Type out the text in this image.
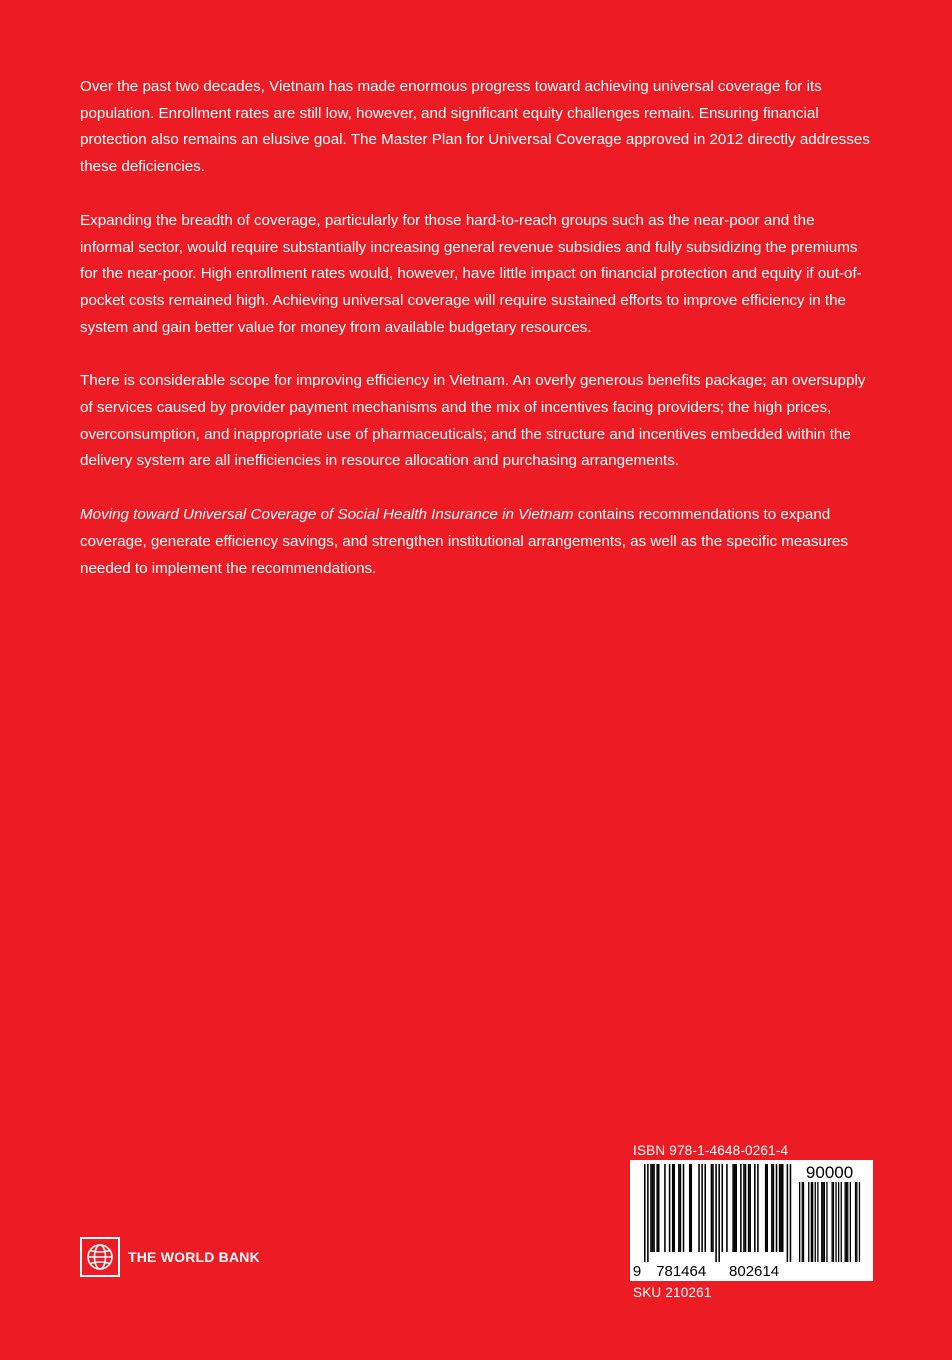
Over the past two decades, Vietnam has made enormous progress toward achieving universal coverage for its population. Enrollment rates are still low, however, and significant equity challenges remain. Ensuring financial protection also remains an elusive goal. The Master Plan for Universal Coverage approved in 2012 directly addresses these deficiencies.

Expanding the breadth of coverage, particularly for those hard-to-reach groups such as the near-poor and the informal sector, would require substantially increasing general revenue subsidies and fully subsidizing the premiums for the near-poor. High enrollment rates would, however, have little impact on financial protection and equity if out-of-pocket costs remained high. Achieving universal coverage will require sustained efforts to improve efficiency in the system and gain better value for money from available budgetary resources.

There is considerable scope for improving efficiency in Vietnam. An overly generous benefits package; an oversupply of services caused by provider payment mechanisms and the mix of incentives facing providers; the high prices, overconsumption, and inappropriate use of pharmaceuticals; and the structure and incentives embedded within the delivery system are all inefficiencies in resource allocation and purchasing arrangements.

Moving toward Universal Coverage of Social Health Insurance in Vietnam contains recommendations to expand coverage, generate efficiency savings, and strengthen institutional arrangements, as well as the specific measures needed to implement the recommendations.

THE WORLD BANK
ISBN 978-1-4648-0261-4
9 781464 802614
90000
SKU 210261
